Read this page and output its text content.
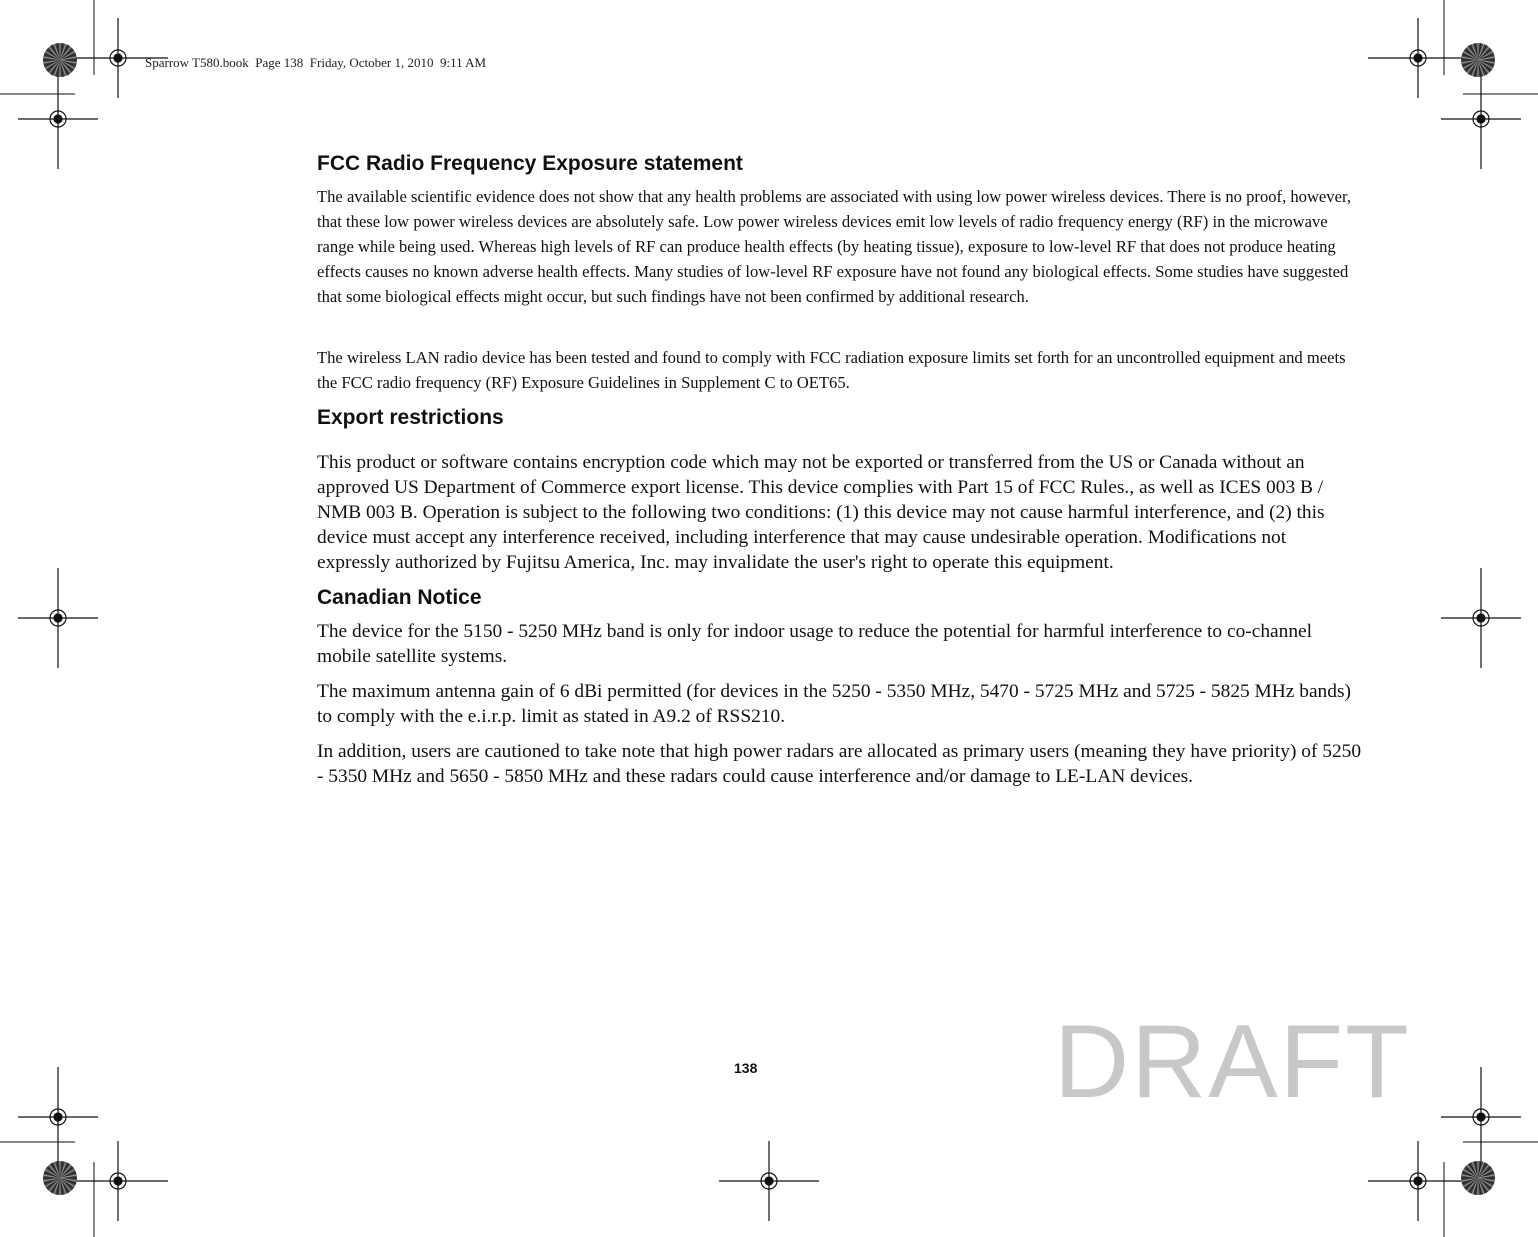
Sparrow T580.book  Page 138  Friday, October 1, 2010  9:11 AM
FCC Radio Frequency Exposure statement

The available scientific evidence does not show that any health problems are associated with using low power wireless devices. There is no proof, however, that these low power wireless devices are absolutely safe. Low power wireless devices emit low levels of radio frequency energy (RF) in the microwave range while being used. Whereas high levels of RF can produce health effects (by heating tissue), exposure to low-level RF that does not produce heating effects causes no known adverse health effects. Many studies of low-level RF exposure have not found any biological effects. Some studies have suggested that some biological effects might occur, but such findings have not been confirmed by additional research.

The wireless LAN radio device has been tested and found to comply with FCC radiation exposure limits set forth for an uncontrolled equipment and meets the FCC radio frequency (RF) Exposure Guidelines in Supplement C to OET65.

Export restrictions

This product or software contains encryption code which may not be exported or transferred from the US or Canada without an approved US Department of Commerce export license. This device complies with Part 15 of FCC Rules., as well as ICES 003 B / NMB 003 B. Operation is subject to the following two conditions: (1) this device may not cause harmful interference, and (2) this device must accept any interference received, including interference that may cause undesirable operation. Modifications not expressly authorized by Fujitsu America, Inc. may invalidate the user's right to operate this equipment.

Canadian Notice

The device for the 5150 - 5250 MHz band is only for indoor usage to reduce the potential for harmful interference to co-channel mobile satellite systems.

The maximum antenna gain of 6 dBi permitted (for devices in the 5250 - 5350 MHz, 5470 - 5725 MHz and 5725 - 5825 MHz bands) to comply with the e.i.r.p. limit as stated in A9.2 of RSS210.

In addition, users are cautioned to take note that high power radars are allocated as primary users (meaning they have priority) of 5250 - 5350 MHz and 5650 - 5850 MHz and these radars could cause interference and/or damage to LE-LAN devices.

138	DRAFT
